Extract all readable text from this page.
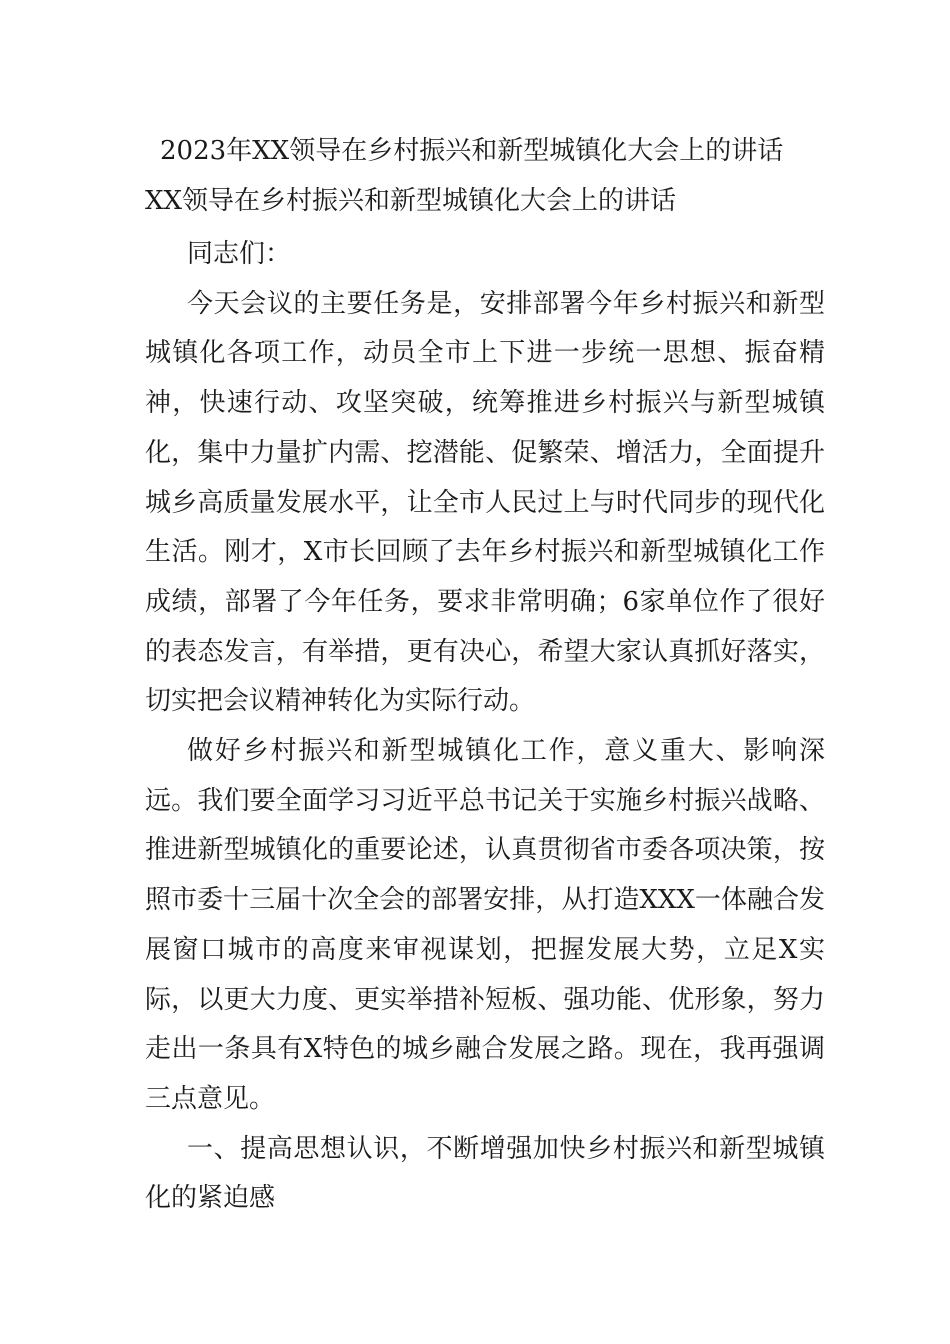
2023年XX领导在乡村振兴和新型城镇化大会上的讲话
XX领导在乡村振兴和新型城镇化大会上的讲话

同志们：

今天会议的主要任务是，安排部署今年乡村振兴和新型城镇化各项工作，动员全市上下进一步统一思想、振奋精神，快速行动、攻坚突破，统筹推进乡村振兴与新型城镇化，集中力量扩内需、挖潜能、促繁荣、增活力，全面提升城乡高质量发展水平，让全市人民过上与时代同步的现代化生活。刚才，X市长回顾了去年乡村振兴和新型城镇化工作成绩，部署了今年任务，要求非常明确；6家单位作了很好的表态发言，有举措，更有决心，希望大家认真抓好落实，切实把会议精神转化为实际行动。

做好乡村振兴和新型城镇化工作，意义重大、影响深远。我们要全面学习习近平总书记关于实施乡村振兴战略、推进新型城镇化的重要论述，认真贯彻省市委各项决策，按照市委十三届十次全会的部署安排，从打造XXX一体融合发展窗口城市的高度来审视谋划，把握发展大势，立足X实际，以更大力度、更实举措补短板、强功能、优形象，努力走出一条具有X特色的城乡融合发展之路。现在，我再强调三点意见。

一、提高思想认识，不断增强加快乡村振兴和新型城镇化的紧迫感
